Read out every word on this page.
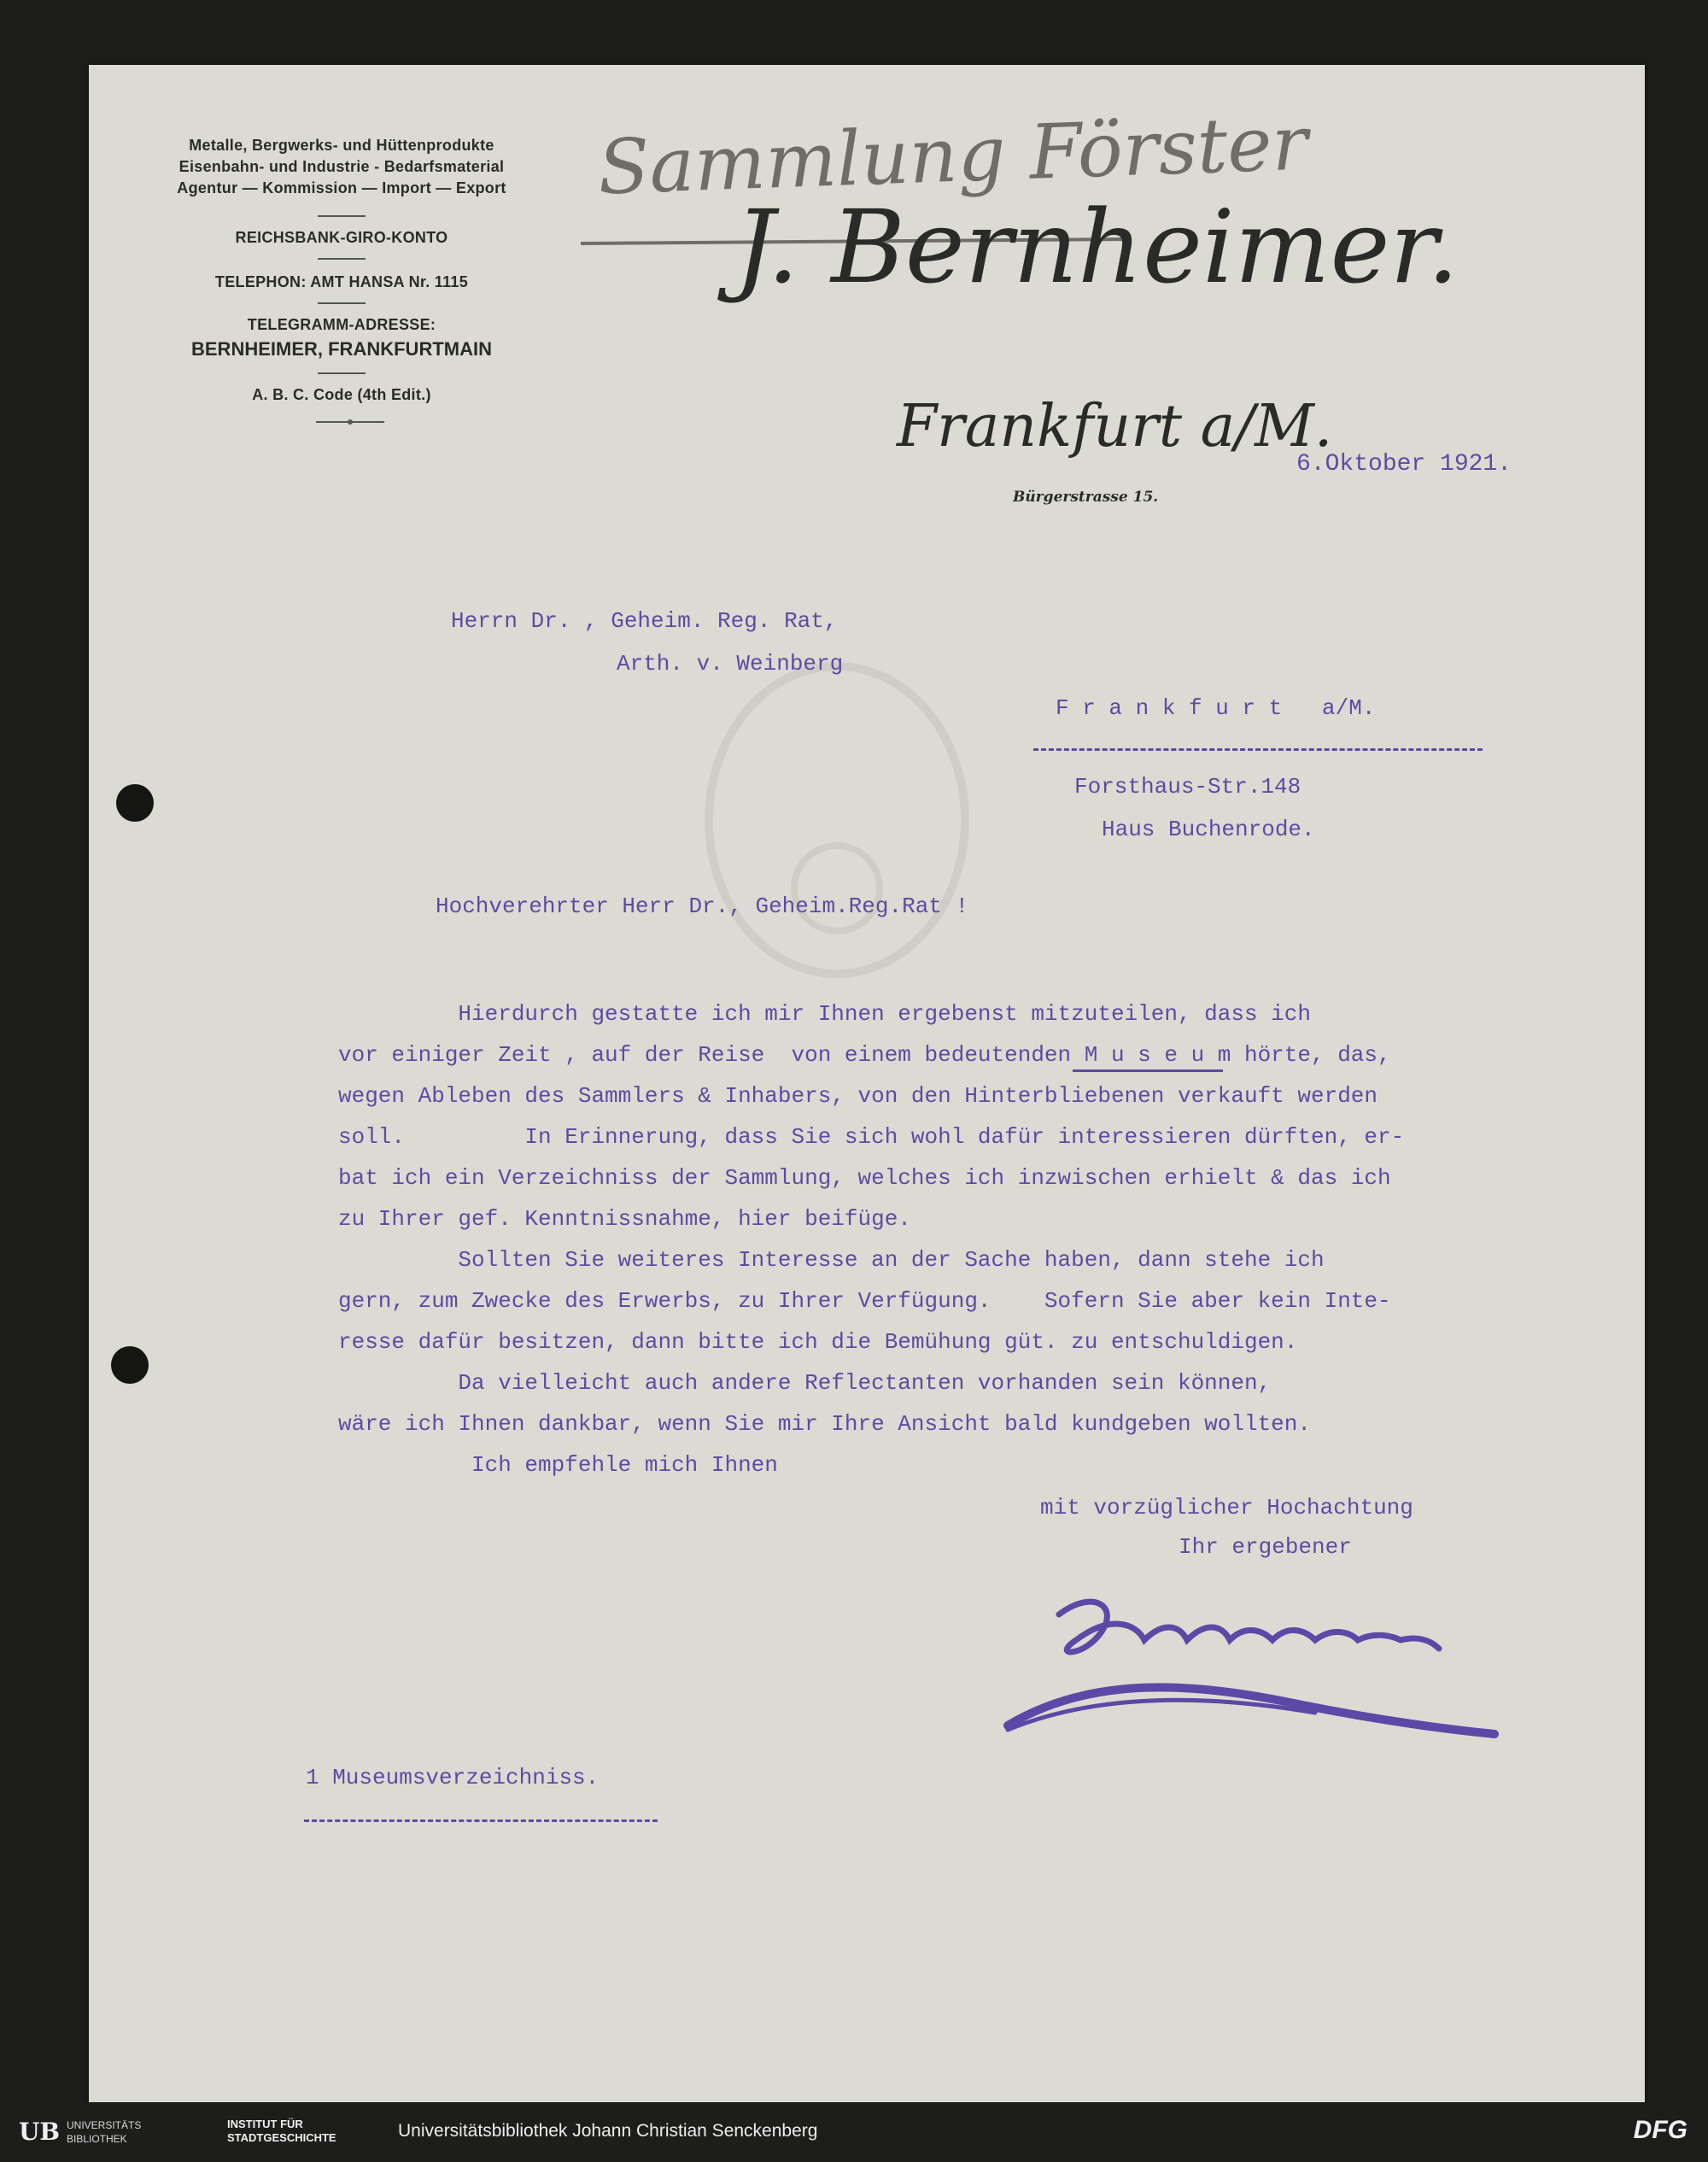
Metalle, Bergwerks- und Hüttenprodukte
Eisenbahn- und Industrie - Bedarfsmaterial
Agentur — Kommission — Import — Export
REICHSBANK-GIRO-KONTO
TELEPHON: AMT HANSA Nr. 1115
TELEGRAMM-ADRESSE:
BERNHEIMER, FRANKFURTMAIN
A. B. C. Code (4th Edit.)
Sammlung Förster
J. Bernheimer.
Frankfurt a/M.
Bürgerstrasse 15.
6.Oktober 1921.
Herrn Dr. , Geheim. Reg. Rat,
Arth. v. Weinberg
F r a n k f u r t   a/M.
Forsthaus-Str.148
Haus Buchenrode.
Hochverehrter Herr Dr., Geheim.Reg.Rat !
Hierdurch gestatte ich mir Ihnen ergebenst mitzuteilen, dass ich
vor einiger Zeit , auf der Reise  von einem bedeutenden M u s e u m hörte, das,
wegen Ableben des Sammlers & Inhabers, von den Hinterbliebenen verkauft werden
soll.         In Erinnerung, dass Sie sich wohl dafür interessieren dürften, er-
bat ich ein Verzeichniss der Sammlung, welches ich inzwischen erhielt & das ich
zu Ihrer gef. Kenntnissnahme, hier beifüge.
Sollten Sie weiteres Interesse an der Sache haben, dann stehe ich
gern, zum Zwecke des Erwerbs, zu Ihrer Verfügung.    Sofern Sie aber kein Inte-
resse dafür besitzen, dann bitte ich die Bemühung güt. zu entschuldigen.
Da vielleicht auch andere Reflectanten vorhanden sein können,
wäre ich Ihnen dankbar, wenn Sie mir Ihre Ansicht bald kundgeben wollten.
Ich empfehle mich Ihnen
mit vorzüglicher Hochachtung
Ihr ergebener
1 Museumsverzeichniss.
UB UNIVERSITÄTS
BIBLIOTHEK
INSTITUT FÜR
STADTGESCHICHTE	Universitätsbibliothek Johann Christian Senckenberg	DFG
